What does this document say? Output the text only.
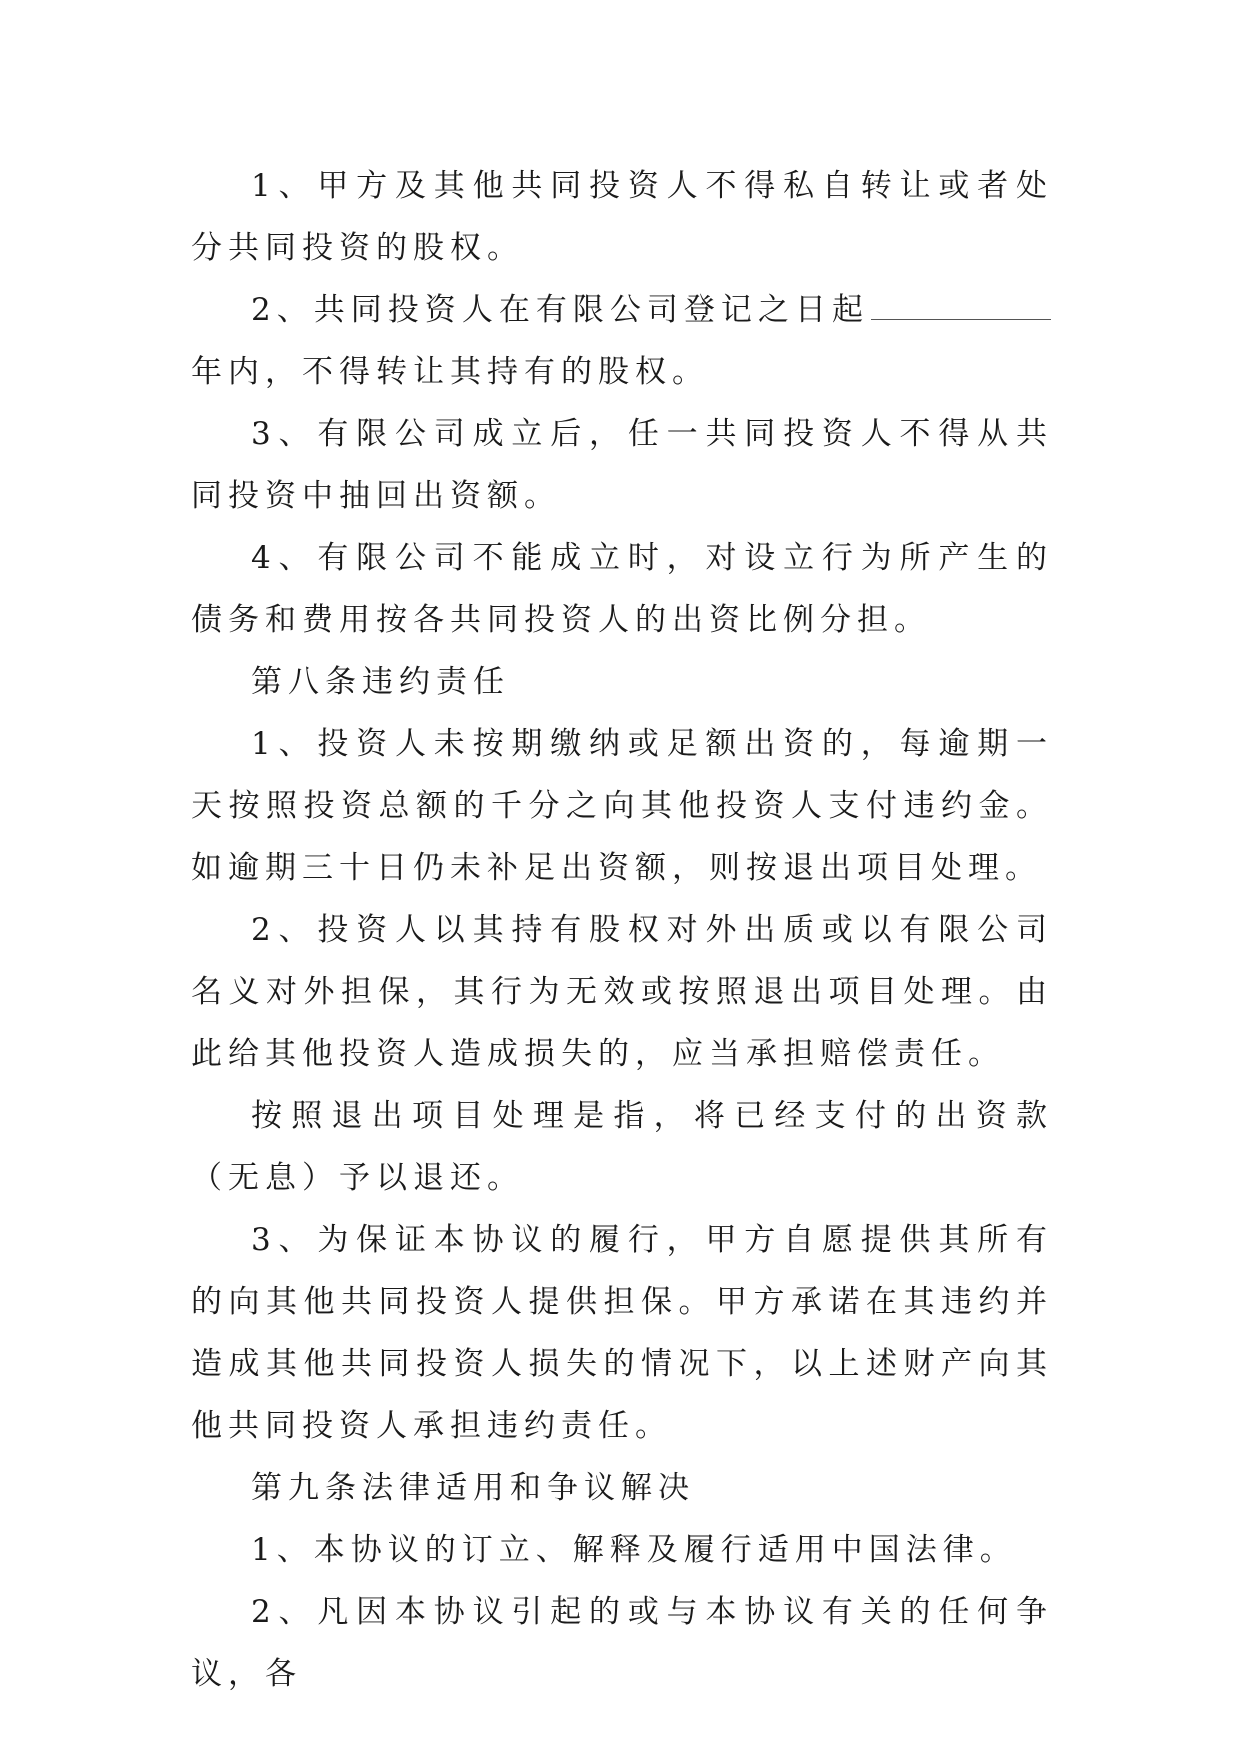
1、甲方及其他共同投资人不得私自转让或者处分共同投资的股权。

2、共同投资人在有限公司登记之日起年内，不得转让其持有的股权。

3、有限公司成立后，任一共同投资人不得从共同投资中抽回出资额。

4、有限公司不能成立时，对设立行为所产生的债务和费用按各共同投资人的出资比例分担。

第八条违约责任

1、投资人未按期缴纳或足额出资的，每逾期一天按照投资总额的千分之向其他投资人支付违约金。如逾期三十日仍未补足出资额，则按退出项目处理。

2、投资人以其持有股权对外出质或以有限公司名义对外担保，其行为无效或按照退出项目处理。由此给其他投资人造成损失的，应当承担赔偿责任。

按照退出项目处理是指，将已经支付的出资款（无息）予以退还。

3、为保证本协议的履行，甲方自愿提供其所有的向其他共同投资人提供担保。甲方承诺在其违约并造成其他共同投资人损失的情况下，以上述财产向其他共同投资人承担违约责任。

第九条法律适用和争议解决

1、本协议的订立、解释及履行适用中国法律。

2、凡因本协议引起的或与本协议有关的任何争议，各
